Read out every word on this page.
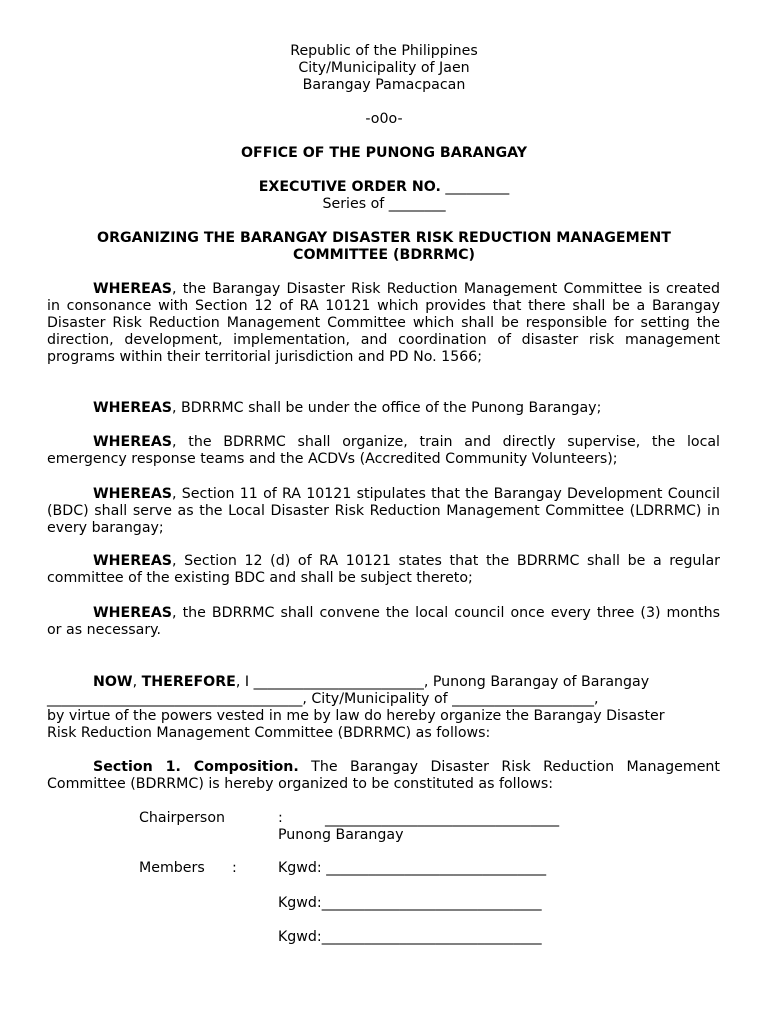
Republic of the Philippines
City/Municipality of Jaen
Barangay Pamacpacan
-o0o-
OFFICE OF THE PUNONG BARANGAY
EXECUTIVE ORDER NO. _________
Series of ________
ORGANIZING THE BARANGAY DISASTER RISK REDUCTION MANAGEMENT
COMMITTEE (BDRRMC)
WHEREAS, the Barangay Disaster Risk Reduction Management Committee is created in consonance with Section 12 of RA 10121 which provides that there shall be a Barangay Disaster Risk Reduction Management Committee which shall be responsible for setting the direction, development, implementation, and coordination of disaster risk management programs within their territorial jurisdiction and PD No. 1566;
WHEREAS, BDRRMC shall be under the office of the Punong Barangay;
WHEREAS, the BDRRMC shall organize, train and directly supervise, the local emergency response teams and the ACDVs (Accredited Community Volunteers);
WHEREAS, Section 11 of RA 10121 stipulates that the Barangay Development Council (BDC) shall serve as the Local Disaster Risk Reduction Management Committee (LDRRMC) in every barangay;
WHEREAS, Section 12 (d) of RA 10121 states that the BDRRMC shall be a regular committee of the existing BDC and shall be subject thereto;
WHEREAS, the BDRRMC shall convene the local council once every three (3) months or as necessary.
NOW, THEREFORE, I ________________________, Punong Barangay of Barangay
____________________________________, City/Municipality of ____________________,
by virtue of the powers vested in me by law do hereby organize the Barangay Disaster
Risk Reduction Management Committee (BDRRMC) as follows:
Section 1. Composition. The Barangay Disaster Risk Reduction Management Committee (BDRRMC) is hereby organized to be constituted as follows:
Chairperson	:	_________________________________
Punong Barangay
Members :	Kgwd: _______________________________
Kgwd:_______________________________
Kgwd:_______________________________
